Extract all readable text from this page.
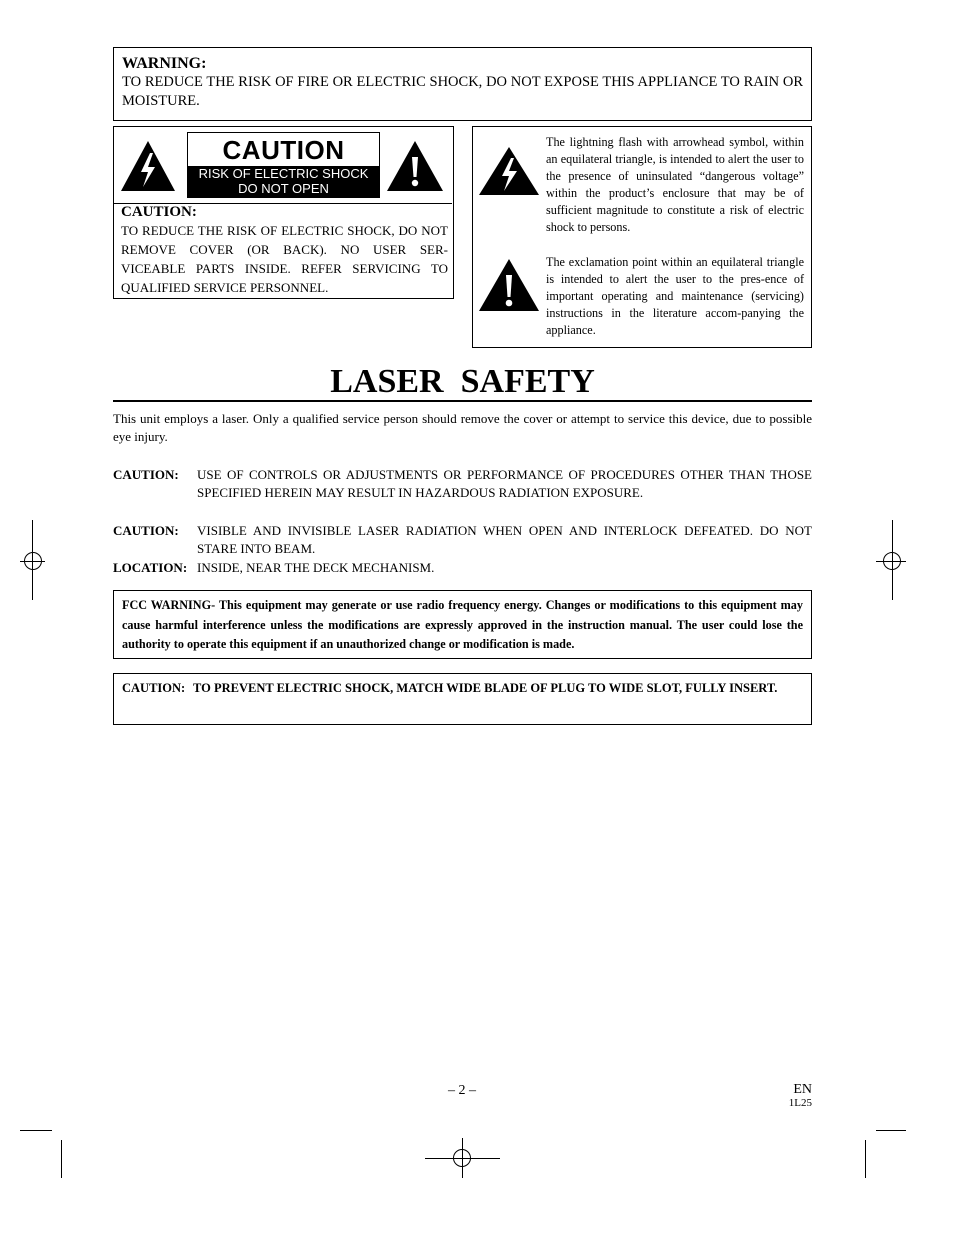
WARNING:
TO REDUCE THE RISK OF FIRE OR ELECTRIC SHOCK, DO NOT EXPOSE THIS APPLIANCE TO RAIN OR MOISTURE.
CAUTION
RISK OF ELECTRIC SHOCK
DO NOT OPEN
CAUTION:
TO REDUCE THE RISK OF ELECTRIC SHOCK, DO NOT REMOVE COVER (OR BACK). NO USER SER-VICEABLE PARTS INSIDE. REFER SERVICING TO QUALIFIED SERVICE PERSONNEL.
The lightning flash with arrowhead symbol, within an equilateral triangle, is intended to alert the user to the presence of uninsulated “dangerous voltage” within the product’s enclosure that may be of sufficient magnitude to constitute a risk of electric shock to persons.
The exclamation point within an equilateral triangle is intended to alert the user to the pres-ence of important operating and maintenance (servicing) instructions in the literature accom-panying the appliance.
LASER  SAFETY
This unit employs a laser. Only a qualified service person should remove the cover or attempt to service this device, due to possible eye injury.
CAUTION: USE OF CONTROLS OR ADJUSTMENTS OR PERFORMANCE OF PROCEDURES OTHER THAN THOSE SPECIFIED HEREIN MAY RESULT IN HAZARDOUS RADIATION EXPOSURE.
CAUTION: VISIBLE AND INVISIBLE LASER RADIATION WHEN OPEN AND INTERLOCK DEFEATED. DO NOT STARE INTO BEAM.
LOCATION: INSIDE, NEAR THE DECK MECHANISM.
FCC WARNING- This equipment may generate or use radio frequency energy. Changes or modifications to this equipment may cause harmful interference unless the modifications are expressly approved in the instruction manual. The user could lose the authority to operate this equipment if an unauthorized change or modification is made.
CAUTION: TO PREVENT ELECTRIC SHOCK, MATCH WIDE BLADE OF PLUG TO WIDE SLOT, FULLY INSERT.
– 2 –	EN
1L25
